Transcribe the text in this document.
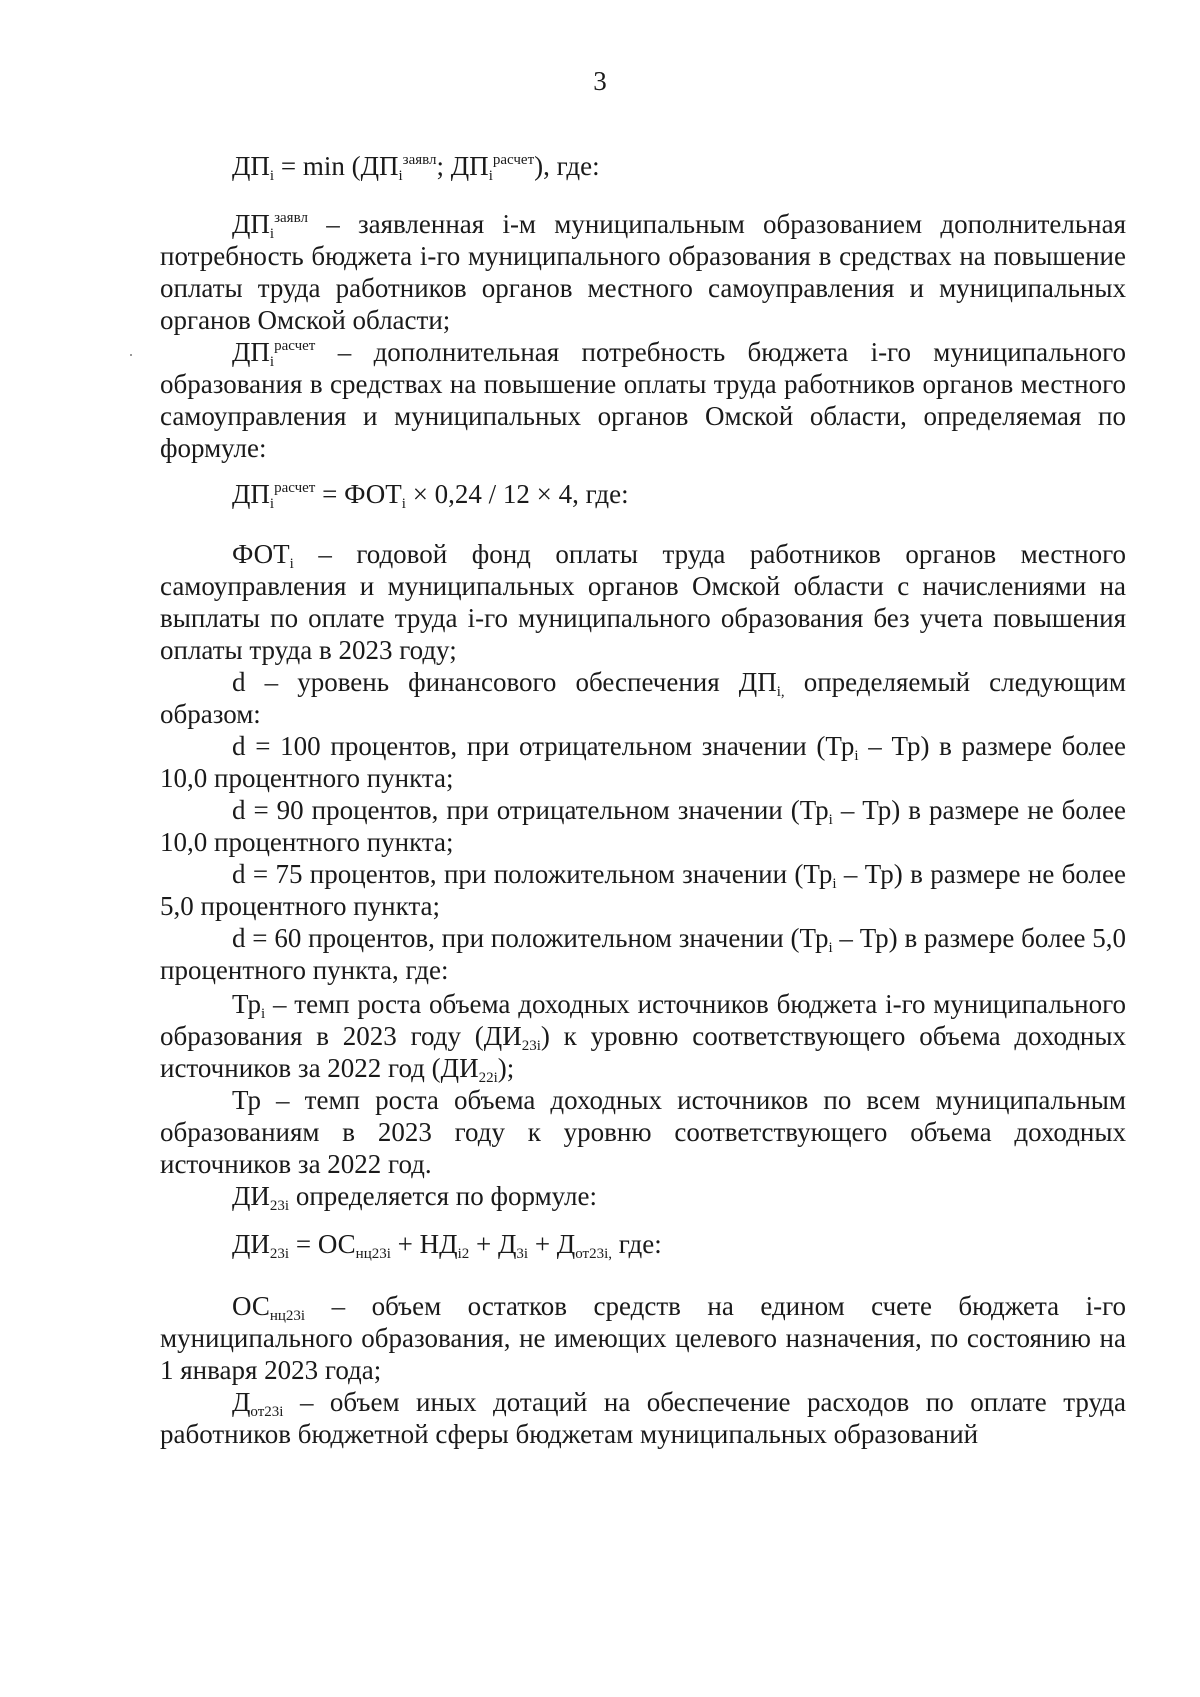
3

$ДП_i = \min (ДП_i^{заявл}$; $ДП_i^{расчет}$), где:

$ДП_i^{заявл}$ – заявленная i-м муниципальным образованием дополнительная потребность бюджета i-го муниципального образования в средствах на повышение оплаты труда работников органов местного самоуправления и муниципальных органов Омской области;

$ДП_i^{расчет}$ – дополнительная потребность бюджета i-го муниципального образования в средствах на повышение оплаты труда работников органов местного самоуправления и муниципальных органов Омской области, определяемая по формуле:

$ДП_i^{расчет} = ФОТ_i \times 0,24 / 12 \times 4$, где:

$ФОТ_i$ – годовой фонд оплаты труда работников органов местного самоуправления и муниципальных органов Омской области с начислениями на выплаты по оплате труда i-го муниципального образования без учета повышения оплаты труда в 2023 году;

d – уровень финансового обеспечения $ДП_{i,}$ определяемый следующим образом:

d = 100 процентов, при отрицательном значении $(Тр_i - Тр)$ в размере более 10,0 процентного пункта;

d = 90 процентов, при отрицательном значении $(Тр_i - Тр)$ в размере не более 10,0 процентного пункта;

d = 75 процентов, при положительном значении $(Тр_i - Тр)$ в размере не более 5,0 процентного пункта;

d = 60 процентов, при положительном значении $(Тр_i - Тр)$ в размере более 5,0 процентного пункта, где:

$Тр_i$ – темп роста объема доходных источников бюджета i-го муниципального образования в 2023 году $(ДИ_{23i})$ к уровню соответствующего объема доходных источников за 2022 год $(ДИ_{22i})$;

Тр – темп роста объема доходных источников по всем муниципальным образованиям в 2023 году к уровню соответствующего объема доходных источников за 2022 год.

$ДИ_{23i}$ определяется по формуле:

$ДИ_{23i} = ОС_{нц23i} + НД_{i2} + Д_{3i} + Д_{от23i,}$ где:

$ОС_{нц23i}$ – объем остатков средств на едином счете бюджета i-го муниципального образования, не имеющих целевого назначения, по состоянию на 1 января 2023 года;

$Д_{от23i}$ – объем иных дотаций на обеспечение расходов по оплате труда работников бюджетной сферы бюджетам муниципальных образований
